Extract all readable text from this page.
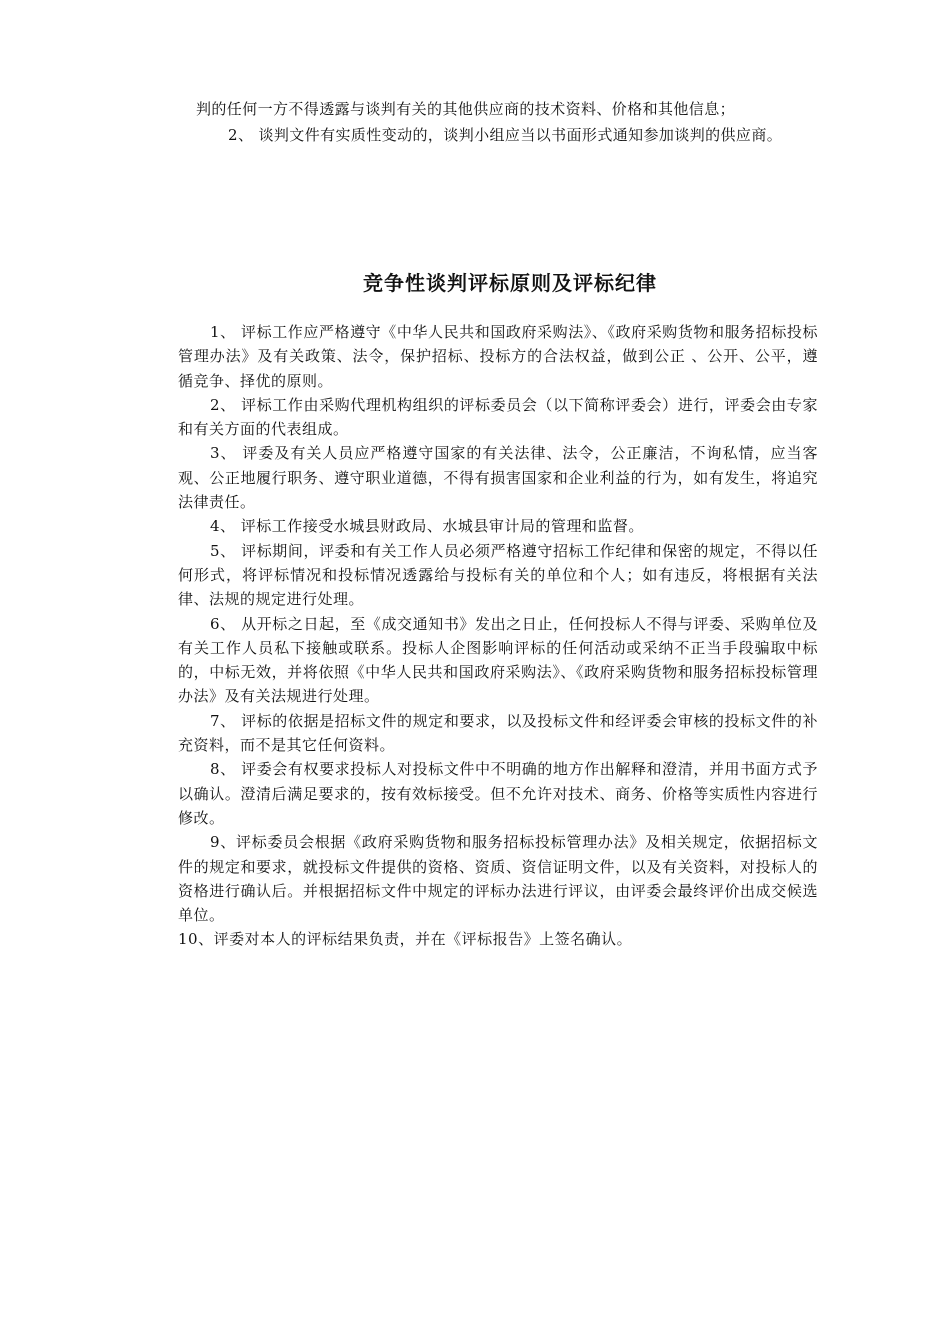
判的任何一方不得透露与谈判有关的其他供应商的技术资料、价格和其他信息；

2、 谈判文件有实质性变动的，谈判小组应当以书面形式通知参加谈判的供应商。

竞争性谈判评标原则及评标纪律

1、 评标工作应严格遵守《中华人民共和国政府采购法》、《政府采购货物和服务招标投标管理办法》及有关政策、法令，保护招标、投标方的合法权益，做到公正 、公开、公平，遵循竞争、择优的原则。

2、 评标工作由采购代理机构组织的评标委员会（以下简称评委会）进行，评委会由专家和有关方面的代表组成。

3、 评委及有关人员应严格遵守国家的有关法律、法令，公正廉洁，不询私情，应当客观、公正地履行职务、遵守职业道德，不得有损害国家和企业利益的行为，如有发生，将追究法律责任。

4、 评标工作接受水城县财政局、水城县审计局的管理和监督。

5、 评标期间，评委和有关工作人员必须严格遵守招标工作纪律和保密的规定，不得以任何形式，将评标情况和投标情况透露给与投标有关的单位和个人；如有违反，将根据有关法律、法规的规定进行处理。

6、 从开标之日起，至《成交通知书》发出之日止，任何投标人不得与评委、采购单位及有关工作人员私下接触或联系。投标人企图影响评标的任何活动或采纳不正当手段骗取中标的，中标无效，并将依照《中华人民共和国政府采购法》、《政府采购货物和服务招标投标管理办法》及有关法规进行处理。

7、 评标的依据是招标文件的规定和要求，以及投标文件和经评委会审核的投标文件的补充资料，而不是其它任何资料。

8、 评委会有权要求投标人对投标文件中不明确的地方作出解释和澄清，并用书面方式予以确认。澄清后满足要求的，按有效标接受。但不允许对技术、商务、价格等实质性内容进行修改。

9、评标委员会根据《政府采购货物和服务招标投标管理办法》及相关规定，依据招标文件的规定和要求，就投标文件提供的资格、资质、资信证明文件，以及有关资料，对投标人的资格进行确认后。并根据招标文件中规定的评标办法进行评议，由评委会最终评价出成交候选单位。

10、评委对本人的评标结果负责，并在《评标报告》上签名确认。
